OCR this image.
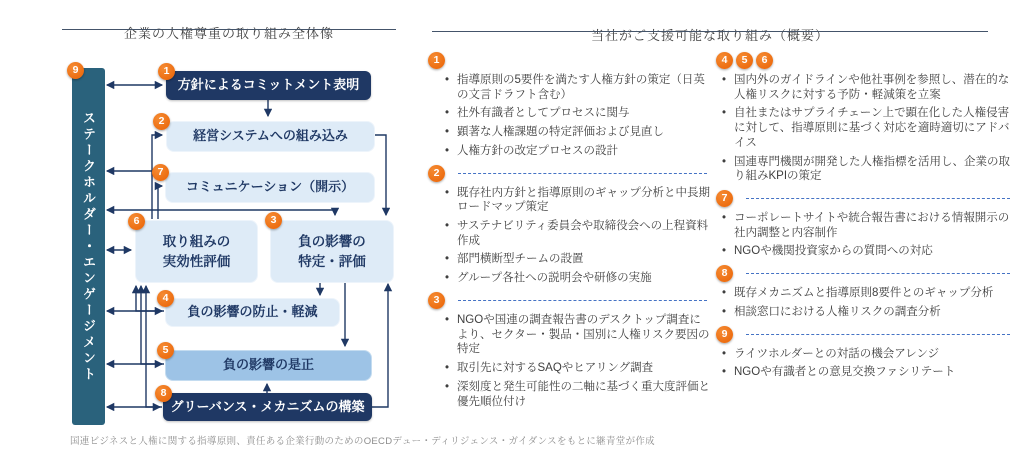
企業の人権尊重の取り組み全体像	当社がご支援可能な取り組み（概要）
ステークホルダー・エンゲージメント
9
方針によるコミットメント表明
1
経営システムへの組み込み
2
コミュニケーション（開示）
7
取り組みの
実効性評価
6
負の影響の
特定・評価
3
負の影響の防止・軽減
4
負の影響の是正
5
グリーバンス・メカニズムの構築
8
国連ビジネスと人権に関する指導原則、責任ある企業行動のためのOECDデュー・ディリジェンス・ガイダンスをもとに継青堂が作成
1
• 指導原則の5要件を満たす人権方針の策定（日英の文言ドラフト含む）
• 社外有識者としてプロセスに関与
• 顕著な人権課題の特定評価および見直し
• 人権方針の改定プロセスの設計
2
• 既存社内方針と指導原則のギャップ分析と中長期ロードマップ策定
• サステナビリティ委員会や取締役会への上程資料作成
• 部門横断型チームの設置
• グループ各社への説明会や研修の実施
3
• NGOや国連の調査報告書のデスクトップ調査により、セクター・製品・国別に人権リスク要因の特定
• 取引先に対するSAQやヒアリング調査
• 深刻度と発生可能性の二軸に基づく重大度評価と優先順位付け
4	5	6
• 国内外のガイドラインや他社事例を参照し、潜在的な人権リスクに対する予防・軽減策を立案
• 自社またはサプライチェーン上で顕在化した人権侵害に対して、指導原則に基づく対応を適時適切にアドバイス
• 国連専門機関が開発した人権指標を活用し、企業の取り組みKPIの策定
7
• コーポレートサイトや統合報告書における情報開示の社内調整と内容制作
• NGOや機関投資家からの質問への対応
8
• 既存メカニズムと指導原則8要件とのギャップ分析
• 相談窓口における人権リスクの調査分析
9
• ライツホルダーとの対話の機会アレンジ
• NGOや有識者との意見交換ファシリテート
